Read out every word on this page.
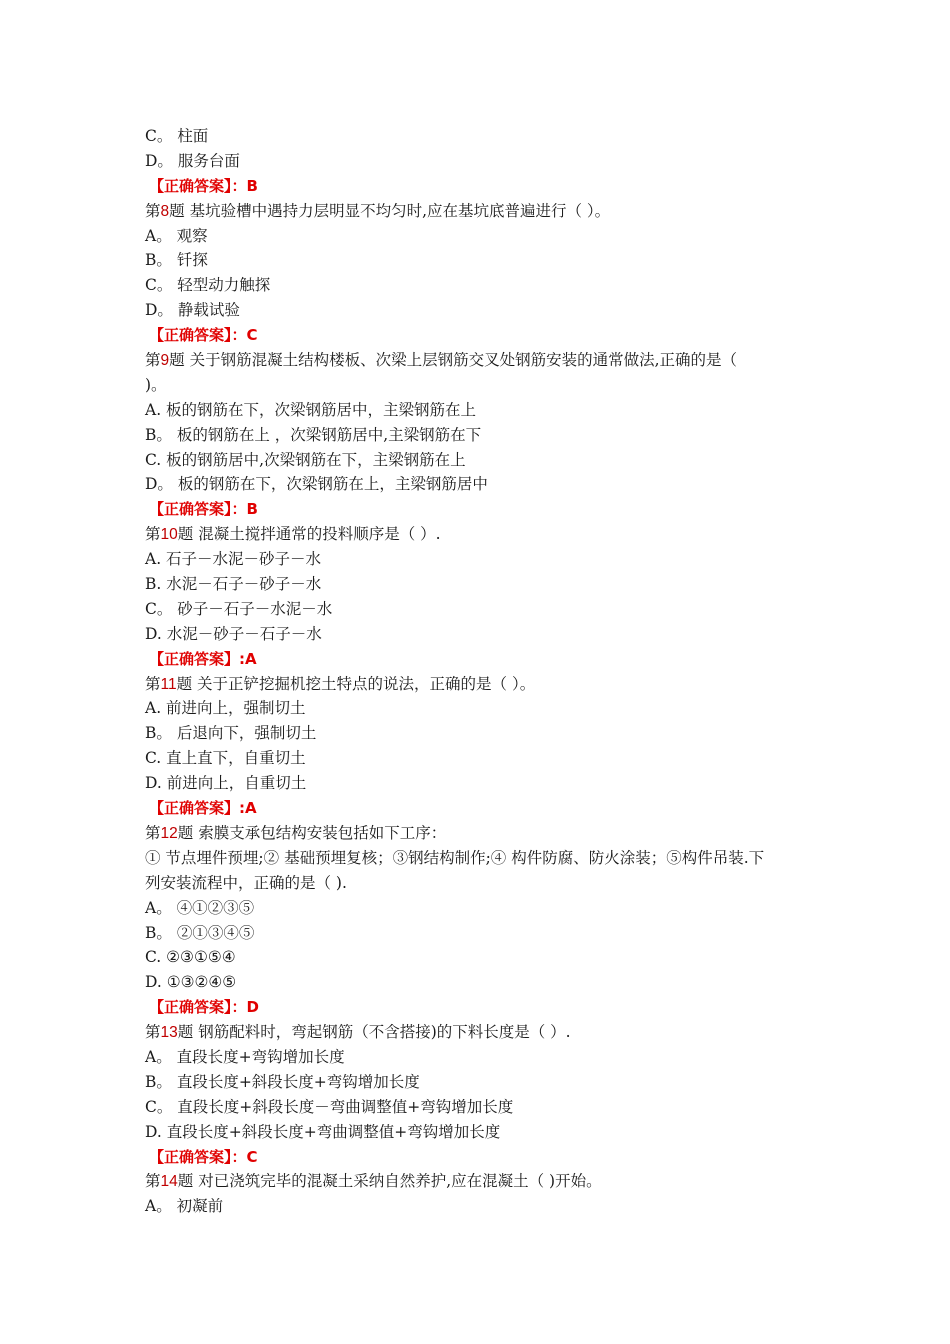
C。 柱面
D。 服务台面
【正确答案】：B
第8题 基坑验槽中遇持力层明显不均匀时,应在基坑底普遍进行（ ）。
A。 观察
B。 钎探
C。 轻型动力触探
D。 静载试验
【正确答案】：C
第9题 关于钢筋混凝土结构楼板、次梁上层钢筋交叉处钢筋安装的通常做法,正确的是（
)。
A. 板的钢筋在下，次梁钢筋居中，主梁钢筋在上
B。 板的钢筋在上 ，次梁钢筋居中,主梁钢筋在下
C. 板的钢筋居中,次梁钢筋在下，主梁钢筋在上
D。 板的钢筋在下，次梁钢筋在上，主梁钢筋居中
【正确答案】：B
第10题 混凝土搅拌通常的投料顺序是（ ）.
A. 石子－水泥－砂子－水
B. 水泥－石子－砂子－水
C。 砂子－石子－水泥－水
D. 水泥－砂子－石子－水
【正确答案】:A
第11题 关于正铲挖掘机挖土特点的说法，正确的是（ ）。
A. 前进向上，强制切土
B。 后退向下，强制切土
C. 直上直下，自重切土
D. 前进向上，自重切土
【正确答案】:A
第12题 索膜支承包结构安装包括如下工序：
① 节点埋件预埋;② 基础预埋复核；③钢结构制作;④ 构件防腐、防火涂装；⑤构件吊装.下
列安装流程中，正确的是（ ).
A。 ④①②③⑤
B。 ②①③④⑤
C. ②③①⑤④
D. ①③②④⑤
【正确答案】：D
第13题 钢筋配料时，弯起钢筋（不含搭接)的下料长度是（ ）.
A。 直段长度+弯钩增加长度
B。 直段长度+斜段长度+弯钩增加长度
C。 直段长度+斜段长度－弯曲调整值+弯钩增加长度
D. 直段长度+斜段长度+弯曲调整值+弯钩增加长度
【正确答案】：C
第14题 对已浇筑完毕的混凝土采纳自然养护,应在混凝土（ )开始。
A。 初凝前
